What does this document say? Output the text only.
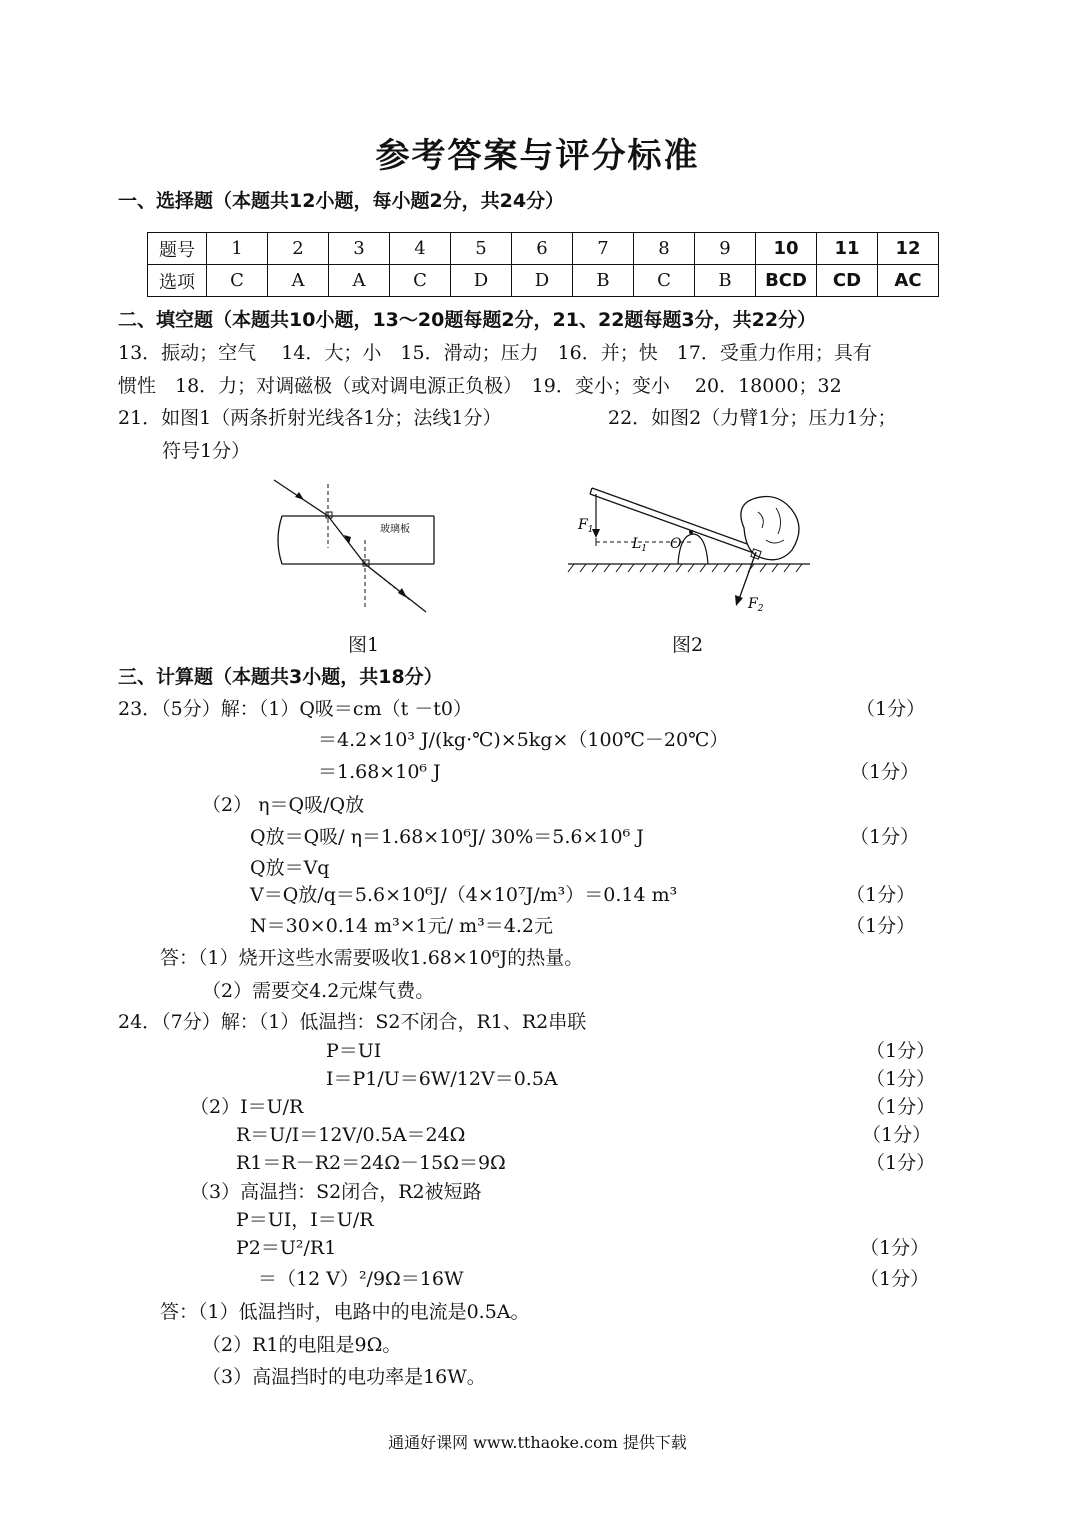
参考答案与评分标准
一、选择题（本题共12小题，每小题2分，共24分）
题号	1	2	3	4	5	6	7	8	9	10	11	12
选项	C	A	A	C	D	D	B	C	B	BCD	CD	AC
二、填空题（本题共10小题，13～20题每题2分，21、22题每题3分，共22分）
13．振动；空气　 14．大；小　15．滑动；压力　16．并；快　17．受重力作用；具有
惯性　18．力；对调磁极（或对调电源正负极）　19．变小；变小　 20．18000；32
21．如图1（两条折射光线各1分；法线1分）	22．如图2（力臂1分；压力1分；
符号1分）
玻璃板	$F_1$
$L_1$ O
$F_2$
图1	图2
三、计算题（本题共3小题，共18分）
23．（5分）解：（1）Q吸＝cm（t －t0）	（1分）
＝4.2×10³ J/(kg·℃)×5kg×（100℃－20℃）
＝1.68×10⁶ J	（1分）
（2） η＝Q吸/Q放
Q放＝Q吸/ η＝1.68×10⁶J/ 30%＝5.6×10⁶ J	（1分）
Q放＝Vq
V＝Q放/q＝5.6×10⁶J/（4×10⁷J/m³）＝0.14 m³	（1分）
N＝30×0.14 m³×1元/ m³＝4.2元	（1分）
答：（1）烧开这些水需要吸收1.68×10⁶J的热量。
（2）需要交4.2元煤气费。
24．（7分）解：（1）低温挡：S2不闭合，R1、R2串联
P＝UI	（1分）
I＝P1/U＝6W/12V＝0.5A	（1分）
（2）I＝U/R	（1分）
R＝U/I＝12V/0.5A＝24Ω	（1分）
R1＝R－R2＝24Ω－15Ω＝9Ω	（1分）
（3）高温挡：S2闭合，R2被短路
P＝UI，I＝U/R
P2＝U²/R1	（1分）
＝（12 V）²/9Ω＝16W	（1分）
答：（1）低温挡时，电路中的电流是0.5A。
（2）R1的电阻是9Ω。
（3）高温挡时的电功率是16W。
通通好课网 www.tthaoke.com 提供下载
